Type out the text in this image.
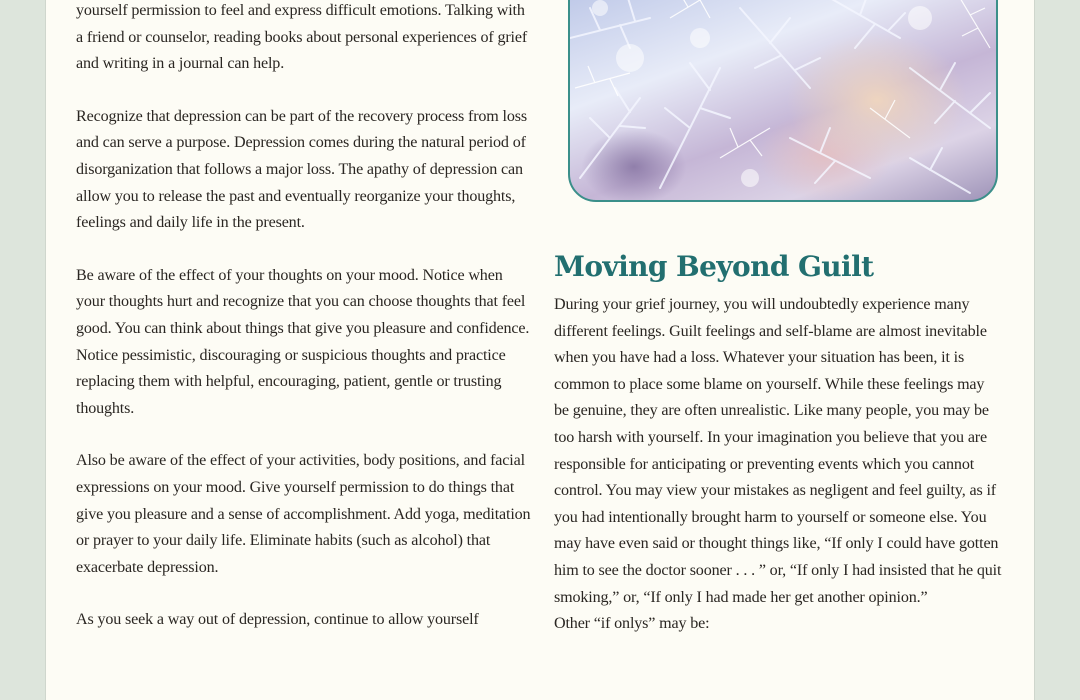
yourself permission to feel and express difficult emotions. Talking with a friend or counselor, reading books about personal experiences of grief and writing in a journal can help.

Recognize that depression can be part of the recovery process from loss and can serve a purpose. Depression comes during the natural period of disorganization that follows a major loss. The apathy of depression can allow you to release the past and eventually reorganize your thoughts, feelings and daily life in the present.

Be aware of the effect of your thoughts on your mood. Notice when your thoughts hurt and recognize that you can choose thoughts that feel good. You can think about things that give you pleasure and confidence. Notice pessimistic, discouraging or suspicious thoughts and practice replacing them with helpful, encouraging, patient, gentle or trusting thoughts.

Also be aware of the effect of your activities, body positions, and facial expressions on your mood. Give yourself permission to do things that give you pleasure and a sense of accomplishment. Add yoga, meditation or prayer to your daily life. Eliminate habits (such as alcohol) that exacerbate depression.

As you seek a way out of depression, continue to allow yourself

Moving Beyond Guilt

During your grief journey, you will undoubtedly experience many different feelings. Guilt feelings and self-blame are almost inevitable when you have had a loss. Whatever your situation has been, it is common to place some blame on yourself. While these feelings may be genuine, they are often unrealistic. Like many people, you may be too harsh with yourself. In your imagination you believe that you are responsible for anticipating or preventing events which you cannot control. You may view your mistakes as negligent and feel guilty, as if you had intentionally brought harm to yourself or someone else. You may have even said or thought things like, “If only I could have gotten him to see the doctor sooner . . . ” or, “If only I had insisted that he quit smoking,” or, “If only I had made her get another opinion.”

Other “if onlys” may be:
